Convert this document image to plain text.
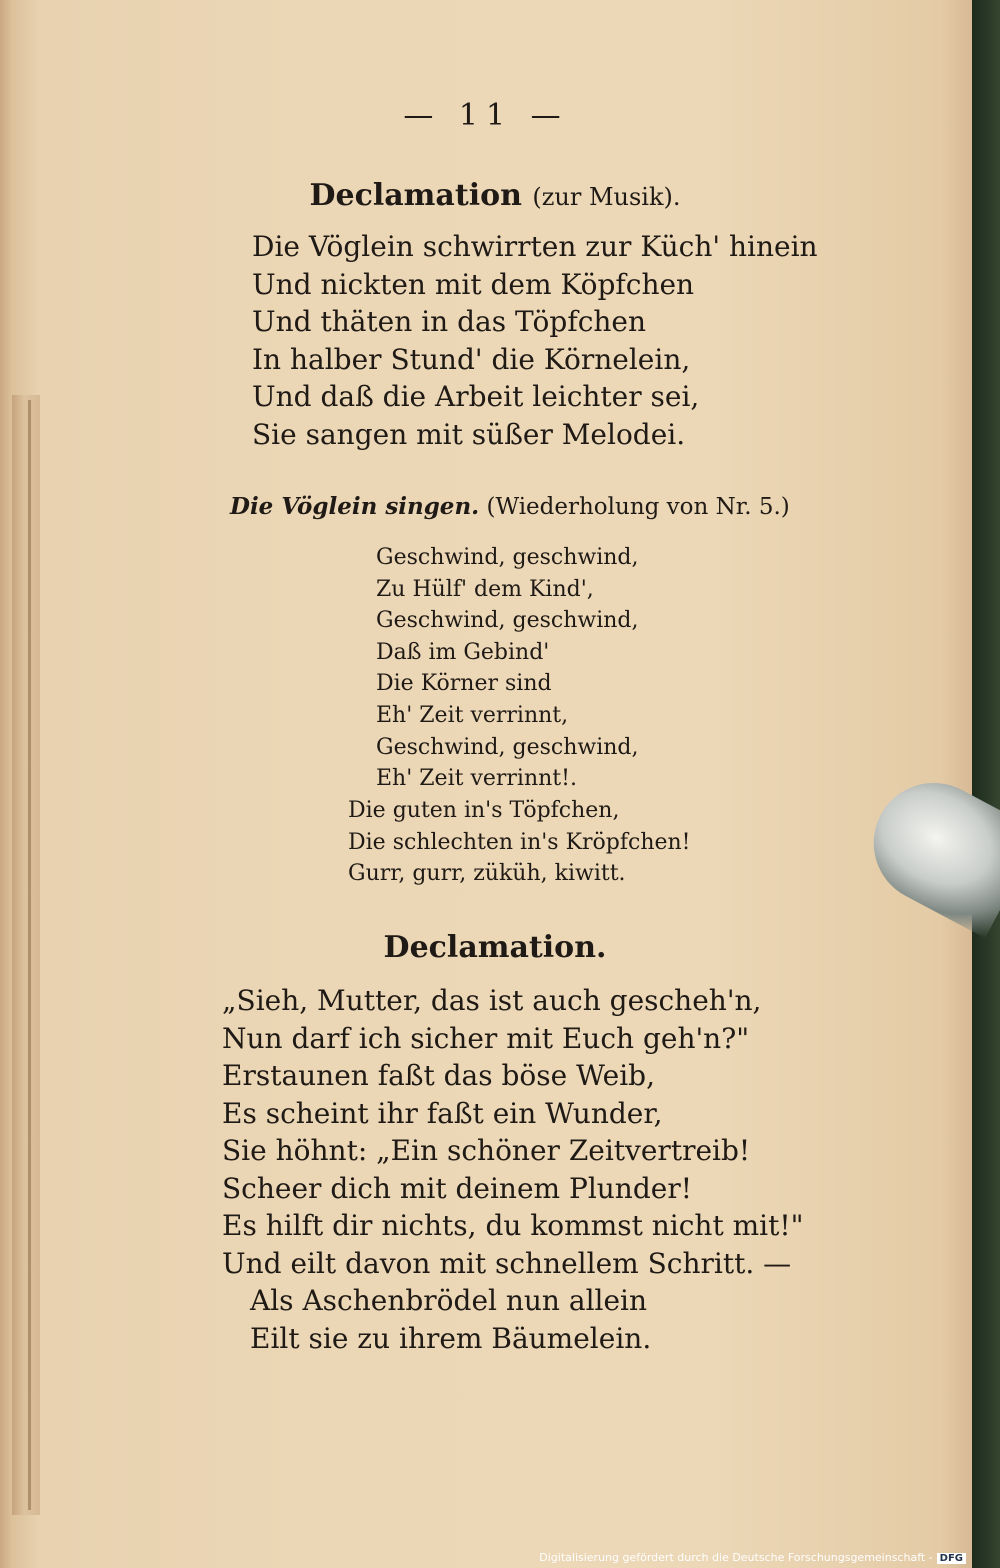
— 11 —
Declamation (zur Musik).
Die Vöglein schwirrten zur Küch' hinein
Und nickten mit dem Köpfchen
Und thäten in das Töpfchen
In halber Stund' die Körnelein,
Und daß die Arbeit leichter sei,
Sie sangen mit süßer Melodei.
Die Vöglein singen. (Wiederholung von Nr. 5.)
Geschwind, geschwind,
Zu Hülf' dem Kind',
Geschwind, geschwind,
Daß im Gebind'
Die Körner sind
Eh' Zeit verrinnt,
Geschwind, geschwind,
Eh' Zeit verrinnt!.
Die guten in's Töpfchen,
Die schlechten in's Kröpfchen!
Gurr, gurr, züküh, kiwitt.
Declamation.
„Sieh, Mutter, das ist auch gescheh'n,
Nun darf ich sicher mit Euch geh'n?"
Erstaunen faßt das böse Weib,
Es scheint ihr faßt ein Wunder,
Sie höhnt: „Ein schöner Zeitvertreib!
Scheer dich mit deinem Plunder!
Es hilft dir nichts, du kommst nicht mit!"
Und eilt davon mit schnellem Schritt. —
Als Aschenbrödel nun allein
Eilt sie zu ihrem Bäumelein.
Digitalisierung gefördert durch die Deutsche Forschungsgemeinschaft - DFG
